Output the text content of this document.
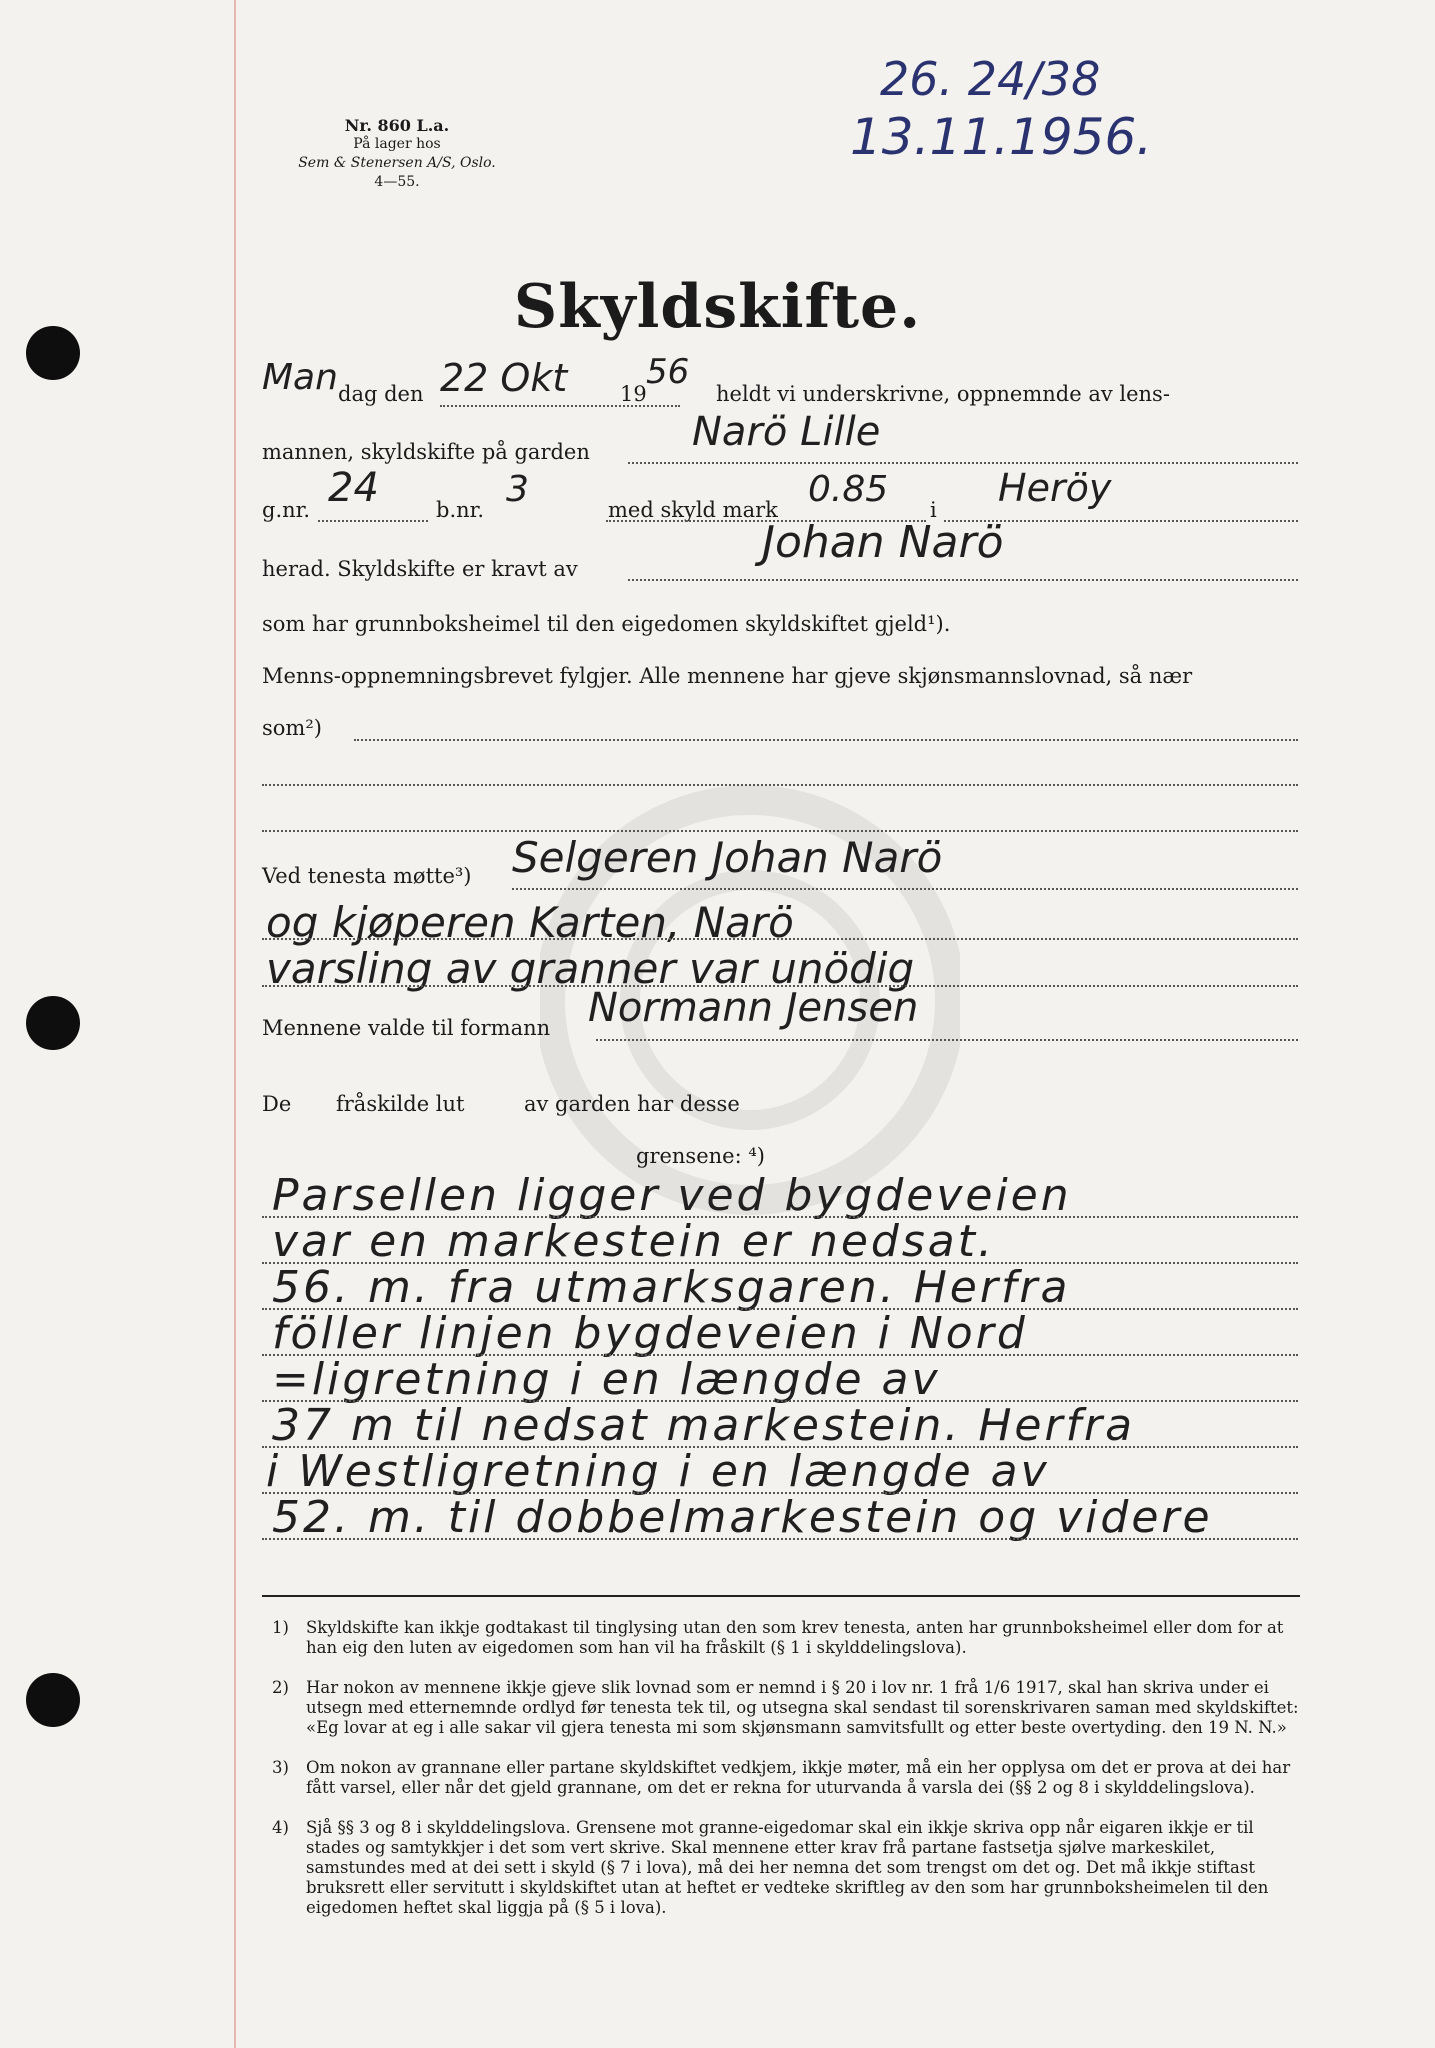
Nr. 860 L.a.
På lager hos
Sem & Stenersen A/S, Oslo.
4—55.
26. 24/38
13.11.1956.
Skyldskifte.
Man dag den 22 Okt	19
56
heldt vi underskrivne, oppnemnde av lens-
mannen, skyldskifte på garden	Narö Lille
g.nr. 24	b.nr. 3	med skyld mark 0.85 i Heröy
herad. Skyldskifte er kravt av
Johan Narö
som har grunnboksheimel til den eigedomen skyldskiftet gjeld¹).
Menns-oppnemningsbrevet fylgjer. Alle mennene har gjeve skjønsmannslovnad, så nær
som²)
Ved tenesta møtte³) Selgeren Johan Narö
og kjøperen Karten, Narö
varsling av granner var unödig
Mennene valde til formann Normann Jensen
De fråskilde lut	av garden har desse
grensene: ⁴)
Parsellen ligger ved bygdeveien
var en markestein er nedsat.
56. m. fra utmarksgaren. Herfra
föller linjen bygdeveien i Nord
=ligretning i en længde av
37 m til nedsat markestein. Herfra
i Westligretning i en længde av
52. m. til dobbelmarkestein og videre
1) Skyldskifte kan ikkje godtakast til tinglysing utan den som krev tenesta, anten har grunnboksheimel eller dom for at han eig den luten av eigedomen som han vil ha fråskilt (§ 1 i skylddelingslova).
2) Har nokon av mennene ikkje gjeve slik lovnad som er nemnd i § 20 i lov nr. 1 frå 1/6 1917, skal han skriva under ei utsegn med etternemnde ordlyd før tenesta tek til, og utsegna skal sendast til sorenskrivaren saman med skyldskiftet: «Eg lovar at eg i alle sakar vil gjera tenesta mi som skjønsmann samvitsfullt og etter beste overtyding. den 19 N. N.»
3) Om nokon av grannane eller partane skyldskiftet vedkjem, ikkje møter, må ein her opplysa om det er prova at dei har fått varsel, eller når det gjeld grannane, om det er rekna for uturvanda å varsla dei (§§ 2 og 8 i skylddelingslova).
4) Sjå §§ 3 og 8 i skylddelingslova. Grensene mot granne-eigedomar skal ein ikkje skriva opp når eigaren ikkje er til stades og samtykkjer i det som vert skrive. Skal mennene etter krav frå partane fastsetja sjølve markeskilet, samstundes med at dei sett i skyld (§ 7 i lova), må dei her nemna det som trengst om det og. Det må ikkje stiftast bruksrett eller servitutt i skyldskiftet utan at heftet er vedteke skriftleg av den som har grunnboksheimelen til den eigedomen heftet skal liggja på (§ 5 i lova).
